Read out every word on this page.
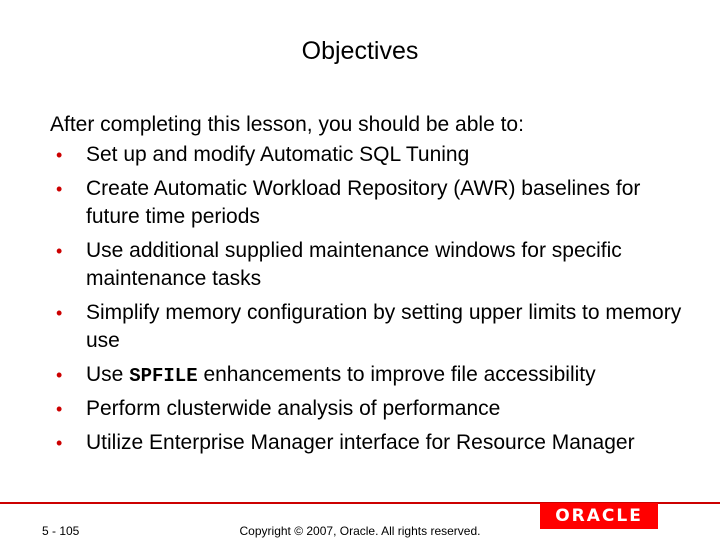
Objectives
After completing this lesson, you should be able to:
•
Set up and modify Automatic SQL Tuning
•
Create Automatic Workload Repository (AWR) baselines for future time periods
•
Use additional supplied maintenance windows for specific maintenance tasks
•
Simplify memory configuration by setting upper limits to memory use
•
Use SPFILE enhancements to improve file accessibility
•
Perform clusterwide analysis of performance
•
Utilize Enterprise Manager interface for Resource Manager
ORACLE
5 - 105	Copyright © 2007, Oracle. All rights reserved.
